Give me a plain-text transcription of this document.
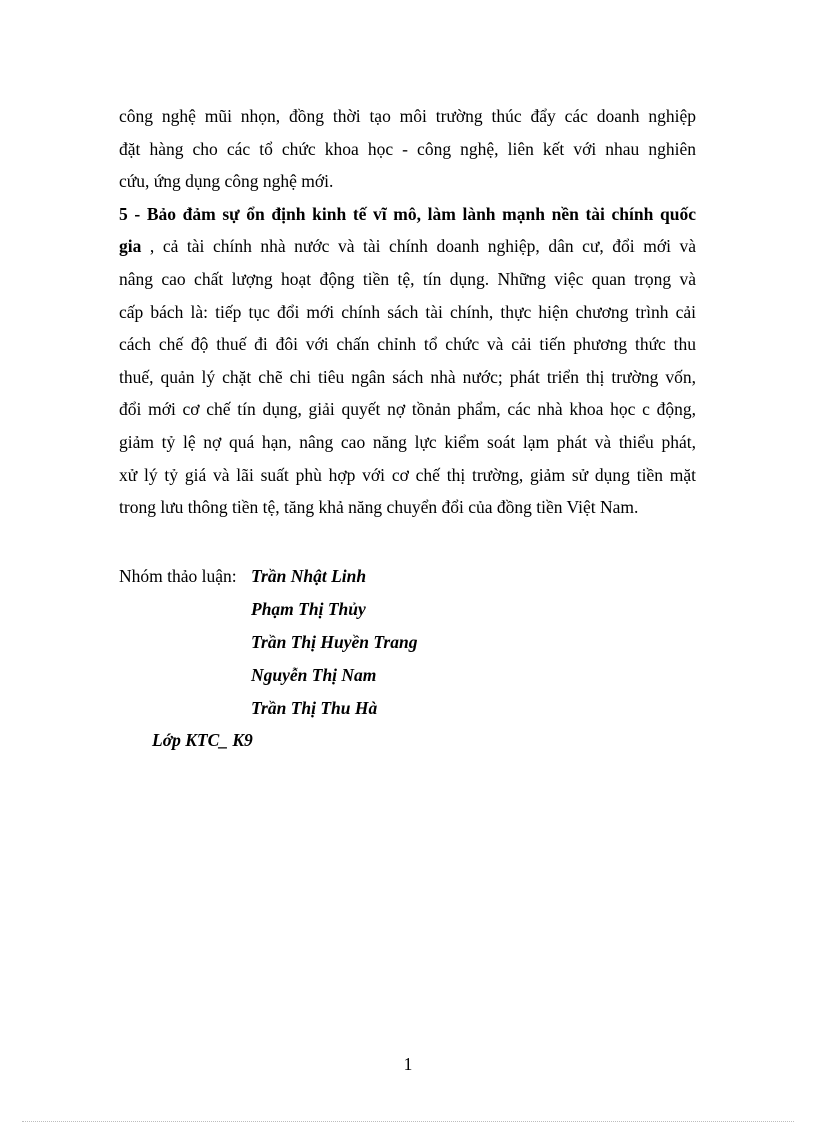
công nghệ mũi nhọn, đồng thời tạo môi trường thúc đẩy các doanh nghiệp
đặt hàng cho các tổ chức khoa học - công nghệ, liên kết với nhau nghiên
cứu, ứng dụng công nghệ mới.

5 - Bảo đảm sự ổn định kinh tế vĩ mô, làm lành mạnh nền tài chính quốc
gia , cả tài chính nhà nước và tài chính doanh nghiệp, dân cư, đổi mới và
nâng cao chất lượng hoạt động tiền tệ, tín dụng. Những việc quan trọng và
cấp bách là: tiếp tục đổi mới chính sách tài chính, thực hiện chương trình cải
cách chế độ thuế đi đôi với chấn chỉnh tổ chức và cải tiến phương thức thu
thuế, quản lý chặt chẽ chi tiêu ngân sách nhà nước; phát triển thị trường vốn,
đổi mới cơ chế tín dụng, giải quyết nợ tồnản phẩm, các nhà khoa học c động,
giảm tỷ lệ nợ quá hạn, nâng cao năng lực kiểm soát lạm phát và thiểu phát,
xử lý tỷ giá và lãi suất phù hợp với cơ chế thị trường, giảm sử dụng tiền mặt
trong lưu thông tiền tệ, tăng khả năng chuyển đổi của đồng tiền Việt Nam.

Nhóm thảo luận: Trần Nhật Linh
Phạm Thị Thủy
Trần Thị Huyền Trang
Nguyễn Thị Nam
Trần Thị Thu Hà
Lớp KTC_ K9
1
